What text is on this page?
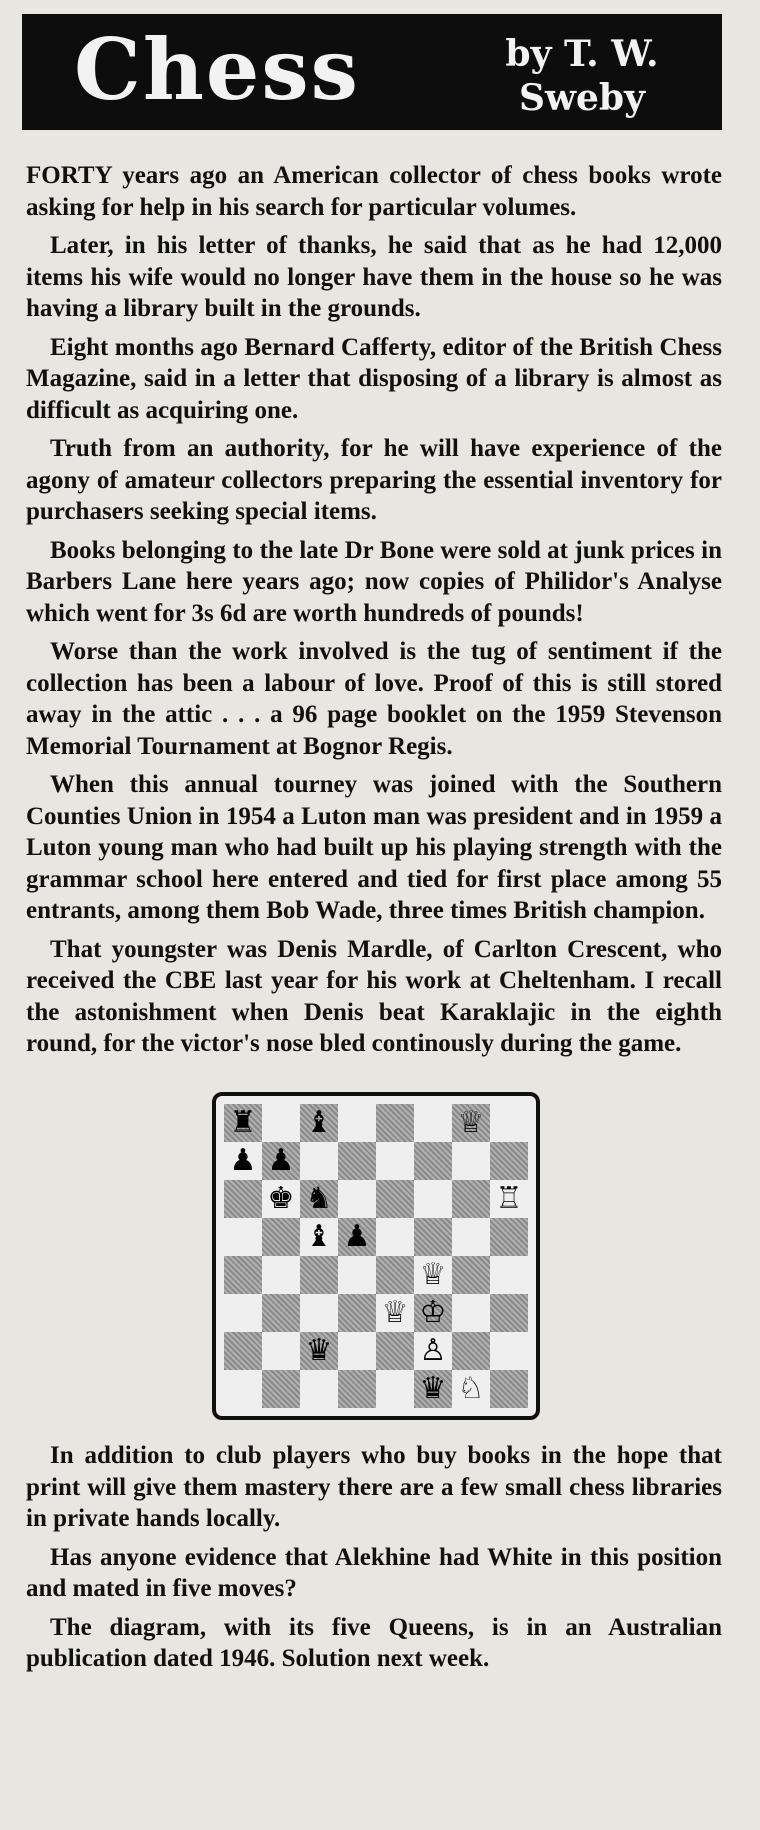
Chess	by T. W. Sweby

FORTY years ago an American collector of chess books wrote asking for help in his search for particular volumes.

Later, in his letter of thanks, he said that as he had 12,000 items his wife would no longer have them in the house so he was having a library built in the grounds.

Eight months ago Bernard Cafferty, editor of the British Chess Magazine, said in a letter that disposing of a library is almost as difficult as acquiring one.

Truth from an authority, for he will have experience of the agony of amateur collectors preparing the essential inventory for purchasers seeking special items.

Books belonging to the late Dr Bone were sold at junk prices in Barbers Lane here years ago; now copies of Philidor's Analyse which went for 3s 6d are worth hundreds of pounds!

Worse than the work involved is the tug of sentiment if the collection has been a labour of love. Proof of this is still stored away in the attic . . . a 96 page booklet on the 1959 Stevenson Memorial Tournament at Bognor Regis.

When this annual tourney was joined with the Southern Counties Union in 1954 a Luton man was president and in 1959 a Luton young man who had built up his playing strength with the grammar school here entered and tied for first place among 55 entrants, among them Bob Wade, three times British champion.

That youngster was Denis Mardle, of Carlton Crescent, who received the CBE last year for his work at Cheltenham. I recall the astonishment when Denis beat Karaklajic in the eighth round, for the victor's nose bled continously during the game.

♜ ♝	♕
♟ ♟
♚ ♞	♖
♝ ♟
♕
♕ ♔
♛	♙
♛ ♘

In addition to club players who buy books in the hope that print will give them mastery there are a few small chess libraries in private hands locally.

Has anyone evidence that Alekhine had White in this position and mated in five moves?

The diagram, with its five Queens, is in an Australian publication dated 1946. Solution next week.
